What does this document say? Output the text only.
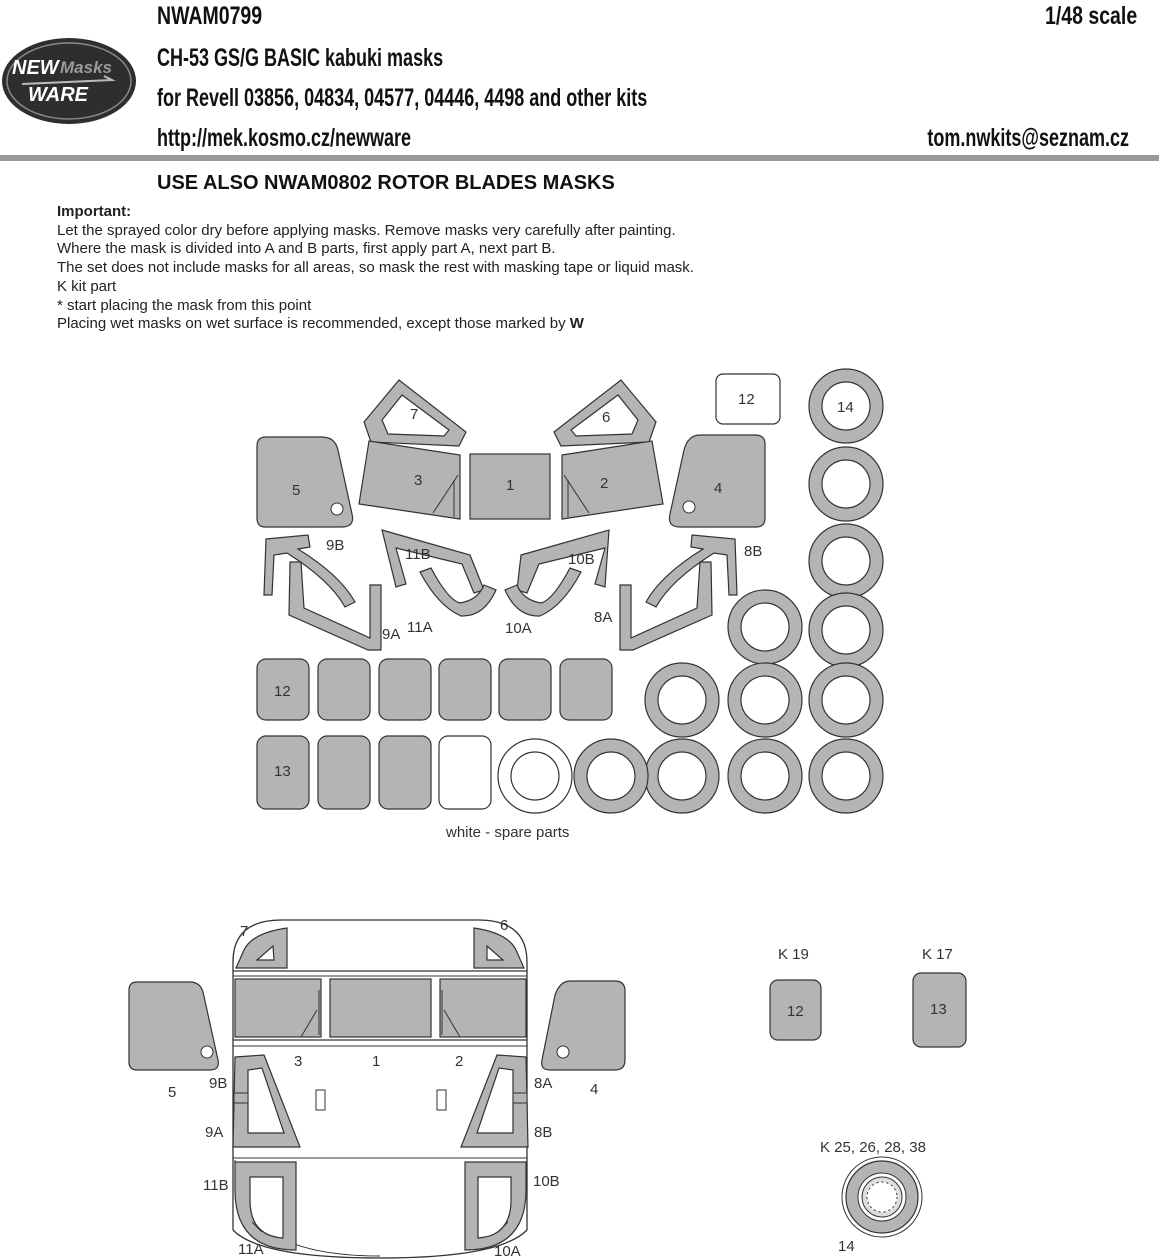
NWAM0799	1/48 scale
CH-53 GS/G BASIC kabuki masks
for Revell 03856, 04834, 04577, 04446, 4498 and other kits
http://mek.kosmo.cz/newware	tom.nwkits@seznam.cz
NEW Masks
WARE
USE ALSO NWAM0802 ROTOR BLADES MASKS
Important:
Let the sprayed color dry before applying masks. Remove masks very carefully after painting.
Where the mask is divided into A and B parts, first apply part A, next part B.
The set does not include masks for all areas, so mask the rest with masking tape or liquid mask.
K kit part
* start placing the mask from this point
Placing wet masks on wet surface is recommended, except those marked by W
7	6
12
3	1	2
5	4
9B
9A
11B
11A
10B
10A
8B
8A
12
13
14
white - spare parts
7	6
3	1	2
5	4
9B
9A
8A
8B
11B
11A
10B
10A
K 19
12
K 17
13
K 25, 26, 28, 38
14
